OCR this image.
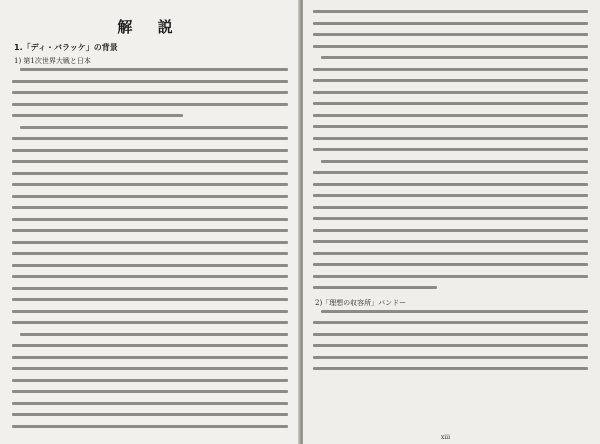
解 説
1.「ディ・バラッケ」の背景
1) 第1次世界大戦と日本
2)「理想の収容所」バンドー
xiii
